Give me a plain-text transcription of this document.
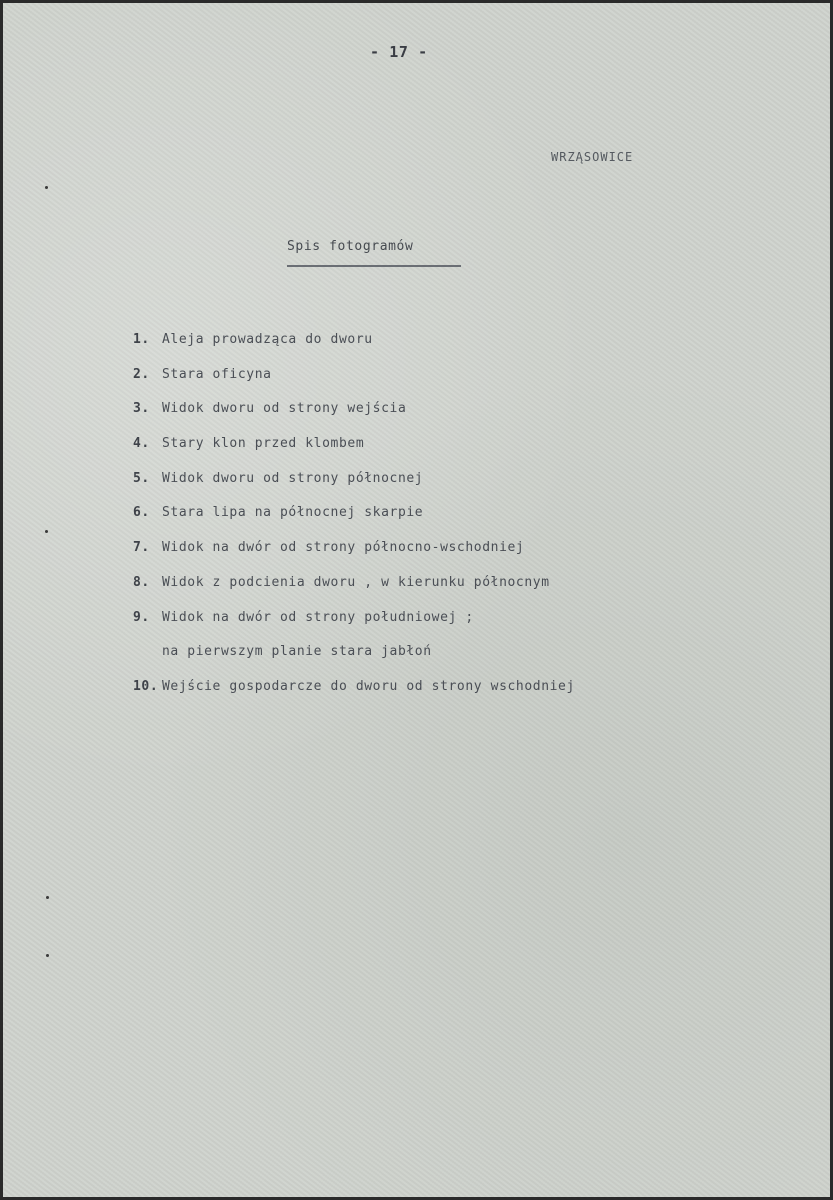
- 17 -
WRZĄSOWICE
Spis fotogramów
1. Aleja prowadząca do dworu
2. Stara oficyna
3. Widok dworu od strony wejścia
4. Stary klon przed klombem
5. Widok dworu od strony północnej
6. Stara lipa na północnej skarpie
7. Widok na dwór od strony północno-wschodniej
8. Widok z podcienia dworu , w kierunku północnym
9. Widok na dwór od strony południowej ;
na pierwszym planie stara jabłoń
10. Wejście gospodarcze do dworu od strony wschodniej
